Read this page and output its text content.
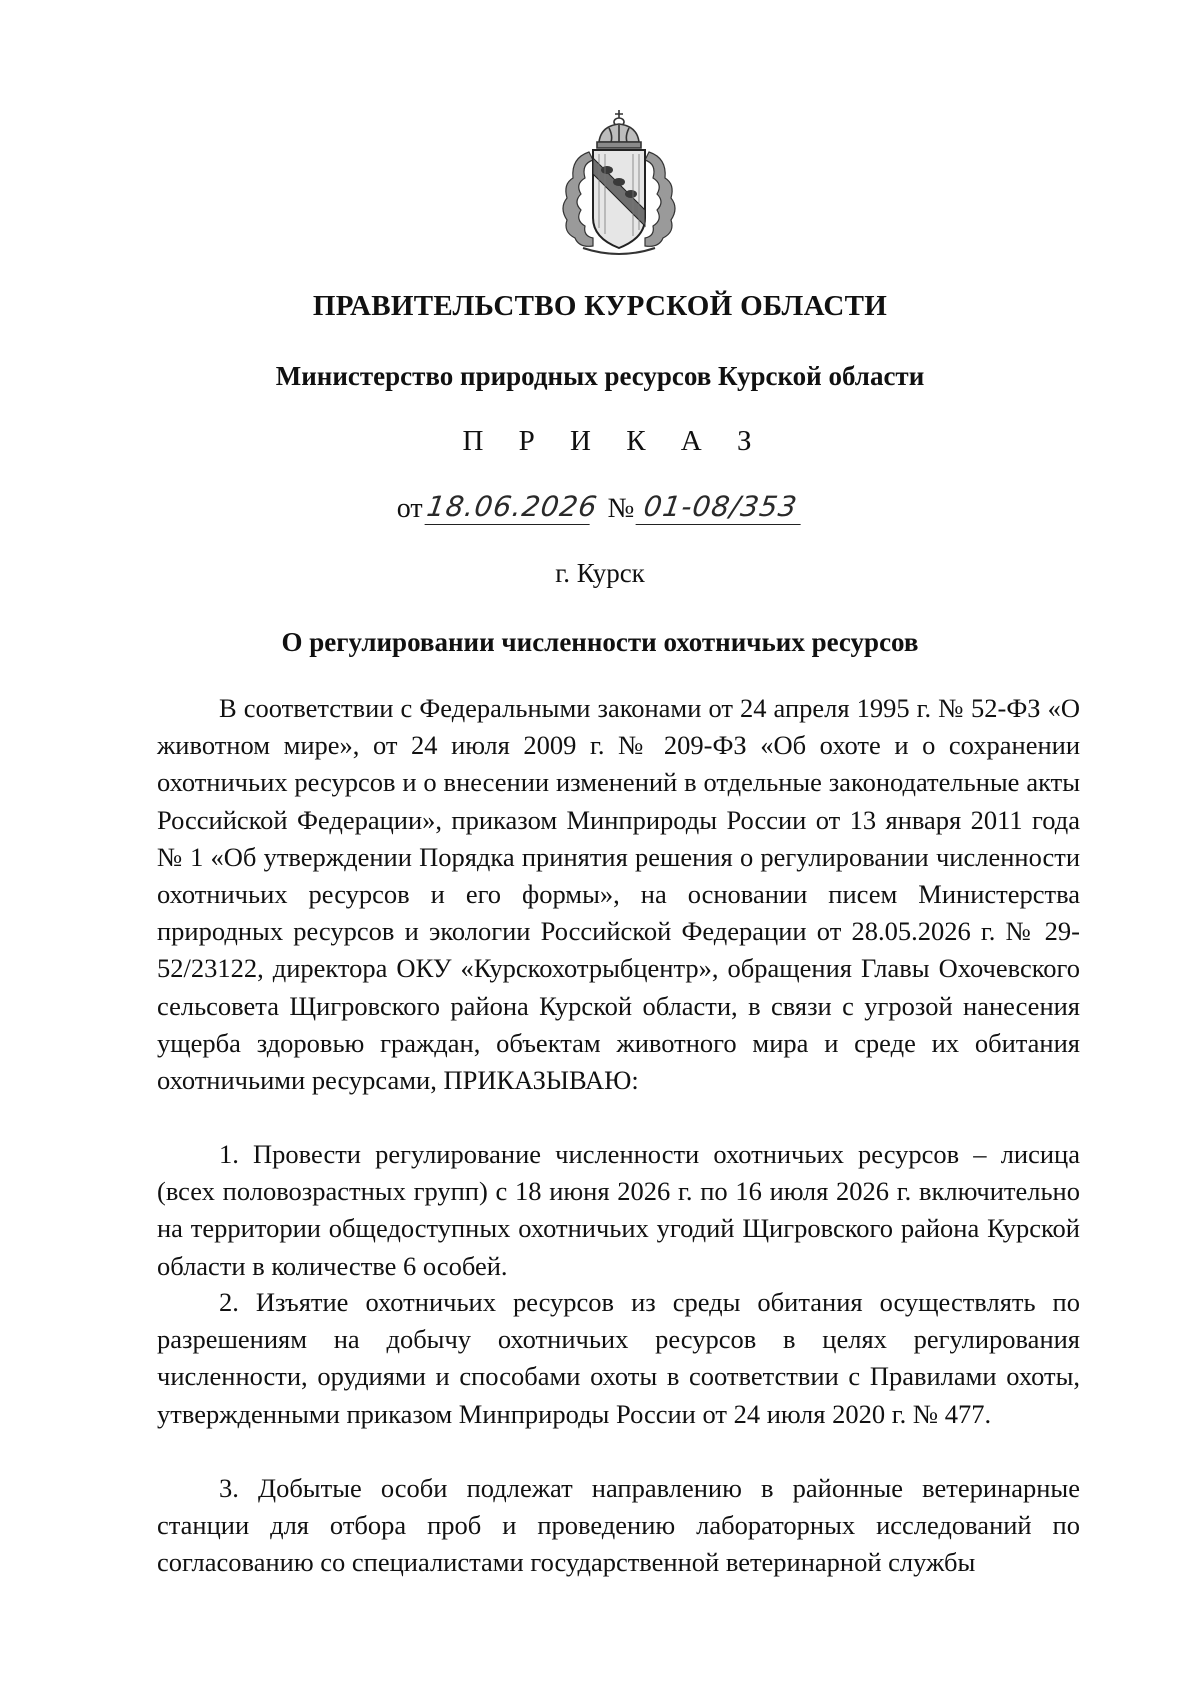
ПРАВИТЕЛЬСТВО КУРСКОЙ ОБЛАСТИ
Министерство природных ресурсов Курской области
П Р И К А З
от18.06.2026 № 01-08/353
г. Курск
О регулировании численности охотничьих ресурсов

В соответствии с Федеральными законами от 24 апреля 1995 г. № 52-ФЗ «О животном мире», от 24 июля 2009 г. № 209-ФЗ «Об охоте и о сохранении охотничьих ресурсов и о внесении изменений в отдельные законодательные акты Российской Федерации», приказом Минприроды России от 13 января 2011 года № 1 «Об утверждении Порядка принятия решения о регулировании численности охотничьих ресурсов и его формы», на основании писем Министерства природных ресурсов и экологии Российской Федерации от 28.05.2026 г. № 29-52/23122, директора ОКУ «Курскохотрыбцентр», обращения Главы Охочевского сельсовета Щигровского района Курской области, в связи с угрозой нанесения ущерба здоровью граждан, объектам животного мира и среде их обитания охотничьими ресурсами, ПРИКАЗЫВАЮ:

1. Провести регулирование численности охотничьих ресурсов – лисица (всех половозрастных групп) с 18 июня 2026 г. по 16 июля 2026 г. включительно на территории общедоступных охотничьих угодий Щигровского района Курской области в количестве 6 особей.

2. Изъятие охотничьих ресурсов из среды обитания осуществлять по разрешениям на добычу охотничьих ресурсов в целях регулирования численности, орудиями и способами охоты в соответствии с Правилами охоты, утвержденными приказом Минприроды России от 24 июля 2020 г. № 477.

3. Добытые особи подлежат направлению в районные ветеринарные станции для отбора проб и проведению лабораторных исследований по согласованию со специалистами государственной ветеринарной службы
